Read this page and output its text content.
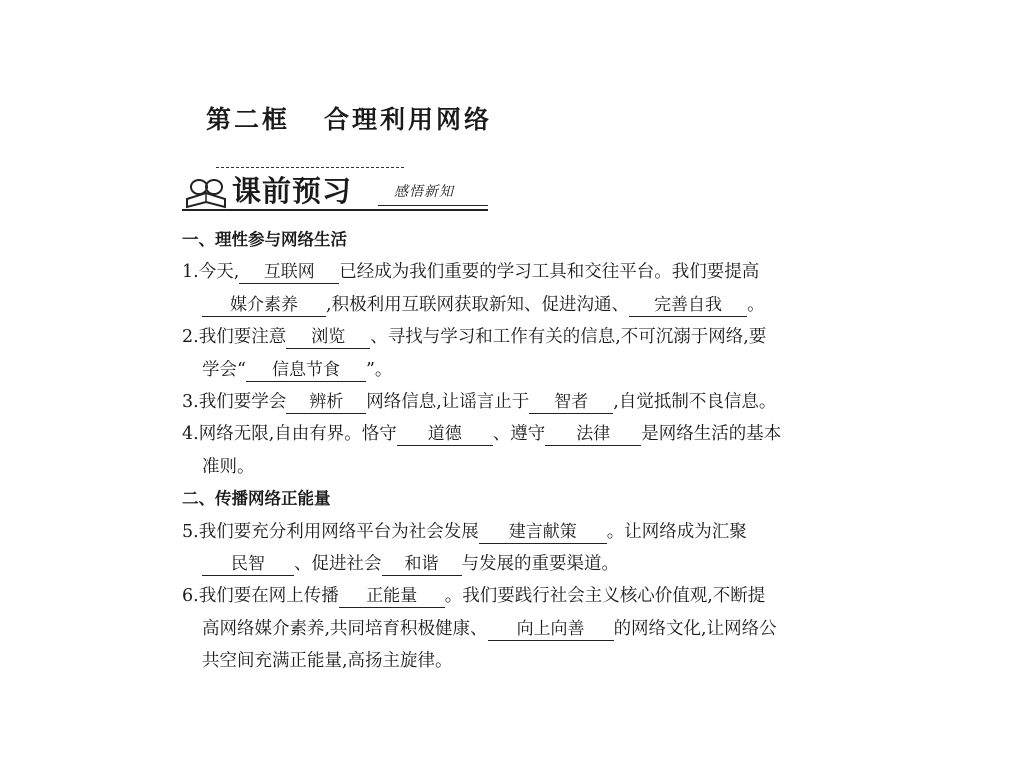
第二框 合理利用网络
课前预习	感悟新知

一、理性参与网络生活

1.今天, 互联网 已经成为我们重要的学习工具和交往平台。我们要提高

媒介素养 ,积极利用互联网获取新知、促进沟通、 完善自我 。

2.我们要注意 浏览 、寻找与学习和工作有关的信息,不可沉溺于网络,要

学会“ 信息节食 ”。

3.我们要学会 辨析 网络信息,让谣言止于 智者 ,自觉抵制不良信息。

4.网络无限,自由有界。恪守 道德 、遵守 法律 是网络生活的基本

准则。

二、传播网络正能量

5.我们要充分利用网络平台为社会发展 建言献策 。让网络成为汇聚

民智 、促进社会 和谐 与发展的重要渠道。

6.我们要在网上传播 正能量 。我们要践行社会主义核心价值观,不断提

高网络媒介素养,共同培育积极健康、 向上向善 的网络文化,让网络公

共空间充满正能量,高扬主旋律。
